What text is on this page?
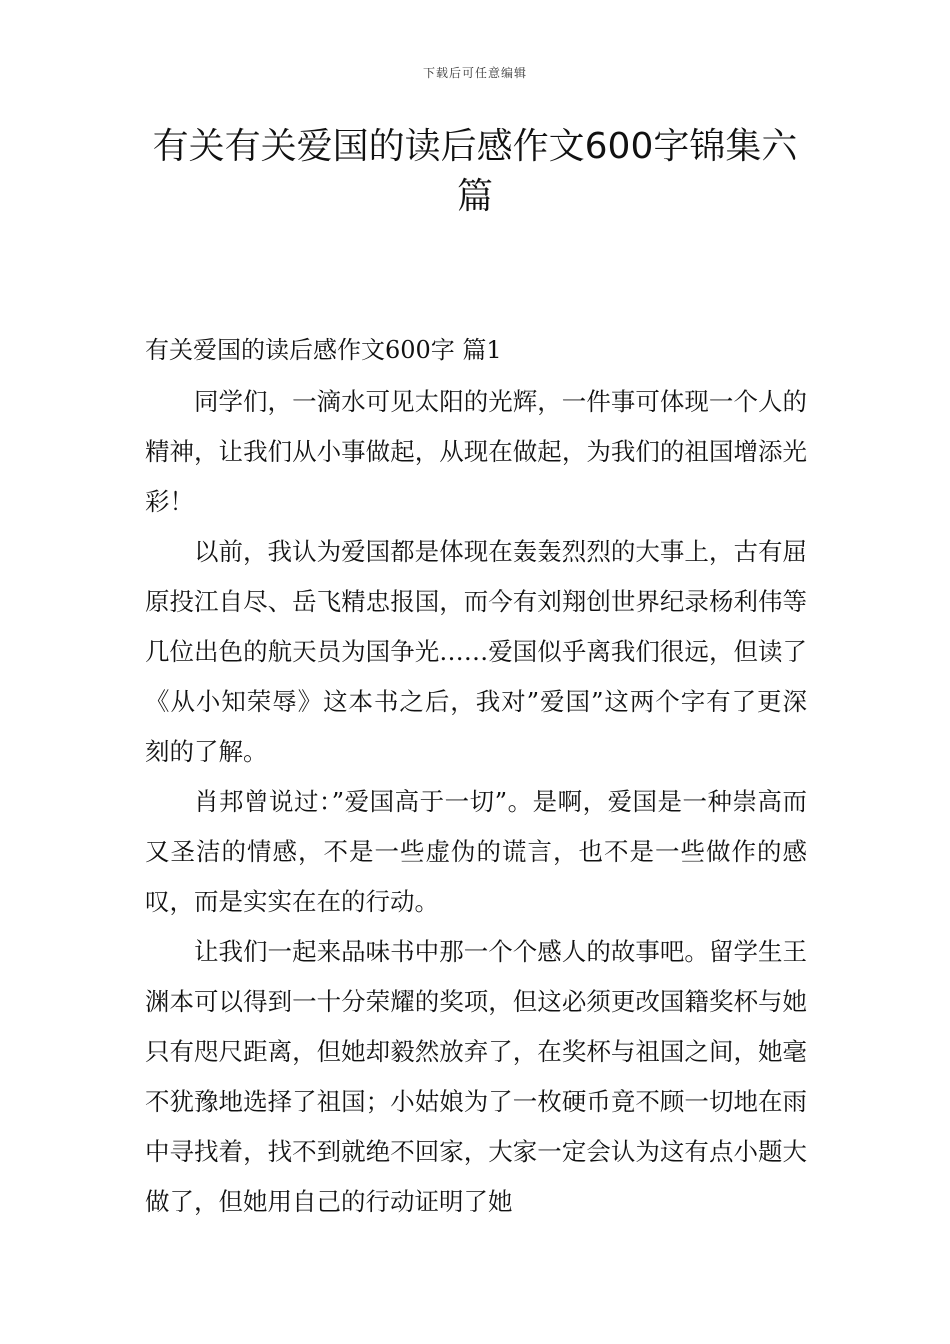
下载后可任意编辑
有关有关爱国的读后感作文600字锦集六篇
有关爱国的读后感作文600字 篇1

同学们，一滴水可见太阳的光辉，一件事可体现一个人的精神，让我们从小事做起，从现在做起，为我们的祖国增添光彩！

以前，我认为爱国都是体现在轰轰烈烈的大事上，古有屈原投江自尽、岳飞精忠报国，而今有刘翔创世界纪录杨利伟等几位出色的航天员为国争光……爱国似乎离我们很远，但读了《从小知荣辱》这本书之后，我对”爱国”这两个字有了更深刻的了解。

肖邦曾说过：”爱国高于一切”。是啊，爱国是一种崇高而又圣洁的情感，不是一些虚伪的谎言，也不是一些做作的感叹，而是实实在在的行动。

让我们一起来品味书中那一个个感人的故事吧。留学生王渊本可以得到一十分荣耀的奖项，但这必须更改国籍奖杯与她只有咫尺距离，但她却毅然放弃了，在奖杯与祖国之间，她毫不犹豫地选择了祖国；小姑娘为了一枚硬币竟不顾一切地在雨中寻找着，找不到就绝不回家，大家一定会认为这有点小题大做了，但她用自己的行动证明了她
